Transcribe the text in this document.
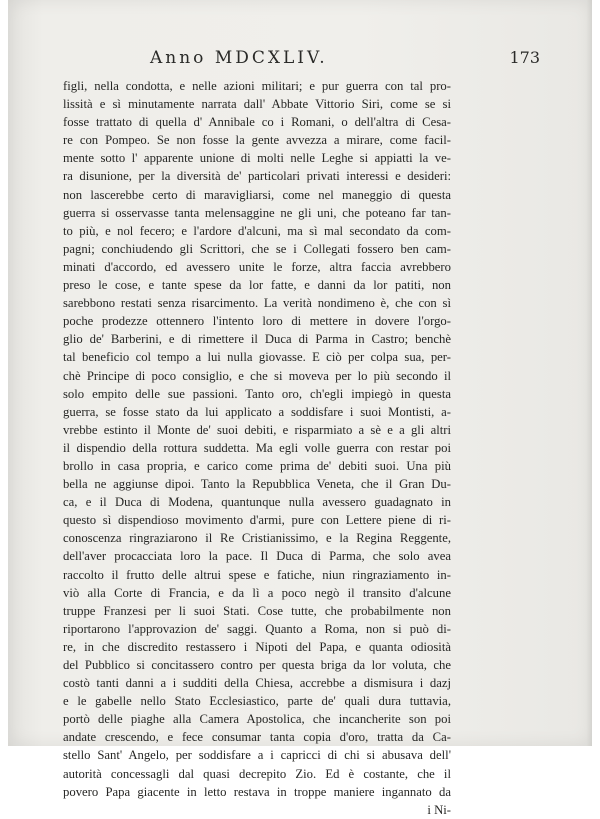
Anno MDCXLIV.	173
figli, nella condotta, e nelle azioni militari; e pur guerra con tal pro-
lissità e sì minutamente narrata dall' Abbate Vittorio Siri, come se si
fosse trattato di quella d' Annibale co i Romani, o dell'altra di Cesa-
re con Pompeo. Se non fosse la gente avvezza a mirare, come facil-
mente sotto l' apparente unione di molti nelle Leghe si appiatti la ve-
ra disunione, per la diversità de' particolari privati interessi e desideri:
non lascerebbe certo di maravigliarsi, come nel maneggio di questa
guerra si osservasse tanta melensaggine ne gli uni, che poteano far tan-
to più, e nol fecero; e l'ardore d'alcuni, ma sì mal secondato da com-
pagni; conchiudendo gli Scrittori, che se i Collegati fossero ben cam-
minati d'accordo, ed avessero unite le forze, altra faccia avrebbero
preso le cose, e tante spese da lor fatte, e danni da lor patiti, non
sarebbono restati senza risarcimento. La verità nondimeno è, che con sì
poche prodezze ottennero l'intento loro di mettere in dovere l'orgo-
glio de' Barberini, e di rimettere il Duca di Parma in Castro; benchè
tal beneficio col tempo a lui nulla giovasse. E ciò per colpa sua, per-
chè Principe di poco consiglio, e che si moveva per lo più secondo il
solo empito delle sue passioni. Tanto oro, ch'egli impiegò in questa
guerra, se fosse stato da lui applicato a soddisfare i suoi Montisti, a-
vrebbe estinto il Monte de' suoi debiti, e risparmiato a sè e a gli altri
il dispendio della rottura suddetta. Ma egli volle guerra con restar poi
brollo in casa propria, e carico come prima de' debiti suoi. Una più
bella ne aggiunse dipoi. Tanto la Repubblica Veneta, che il Gran Du-
ca, e il Duca di Modena, quantunque nulla avessero guadagnato in
questo sì dispendioso movimento d'armi, pure con Lettere piene di ri-
conoscenza ringraziarono il Re Cristianissimo, e la Regina Reggente,
dell'aver procacciata loro la pace. Il Duca di Parma, che solo avea
raccolto il frutto delle altrui spese e fatiche, niun ringraziamento in-
viò alla Corte di Francia, e da lì a poco negò il transito d'alcune
truppe Franzesi per li suoi Stati. Cose tutte, che probabilmente non
riportarono l'approvazion de' saggi. Quanto a Roma, non si può di-
re, in che discredito restassero i Nipoti del Papa, e quanta odiosità
del Pubblico si concitassero contro per questa briga da lor voluta, che
costò tanti danni a i sudditi della Chiesa, accrebbe a dismisura i dazj
e le gabelle nello Stato Ecclesiastico, parte de' quali dura tuttavia,
portò delle piaghe alla Camera Apostolica, che incancherite son poi
andate crescendo, e fece consumar tanta copia d'oro, tratta da Ca-
stello Sant' Angelo, per soddisfare a i capricci di chi si abusava dell'
autorità concessagli dal quasi decrepito Zio. Ed è costante, che il
povero Papa giacente in letto restava in troppe maniere ingannato da
i Ni-
